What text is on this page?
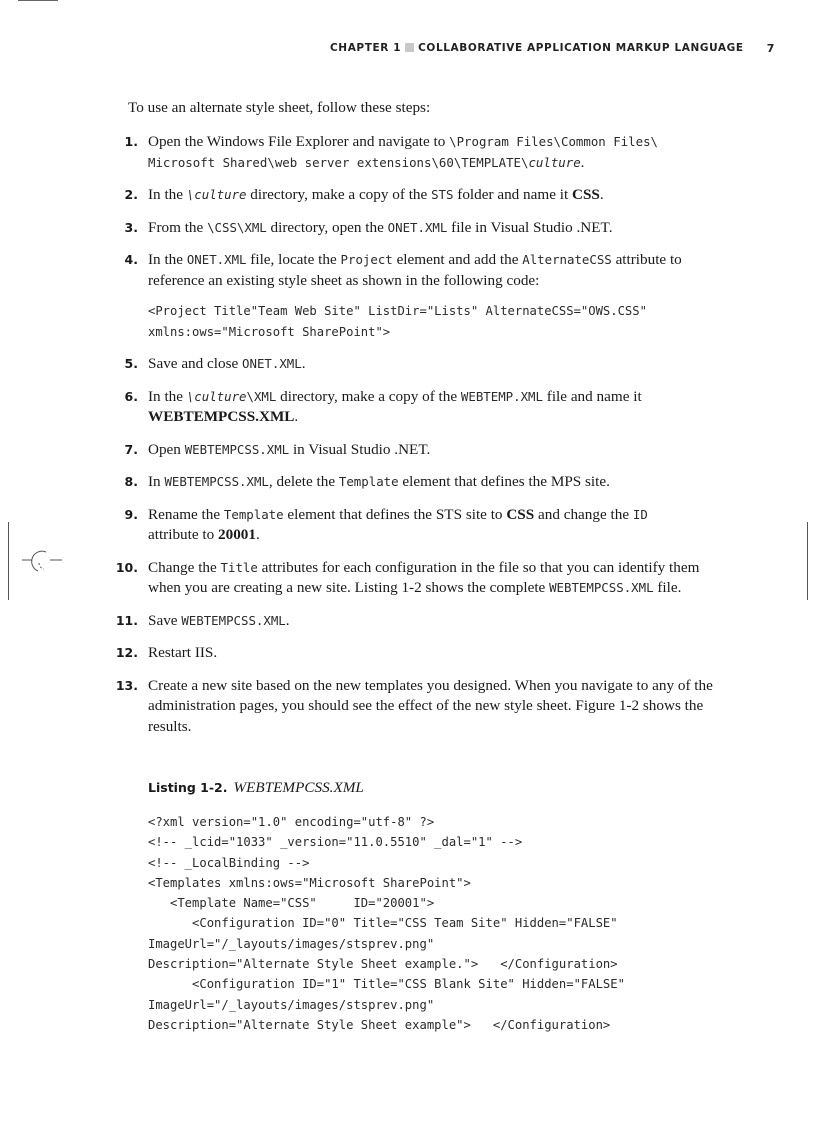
CHAPTER 1 COLLABORATIVE APPLICATION MARKUP LANGUAGE 7
To use an alternate style sheet, follow these steps:
1. Open the Windows File Explorer and navigate to \Program Files\Common Files\
Microsoft Shared\web server extensions\60\TEMPLATE\culture.
2. In the \culture directory, make a copy of the STS folder and name it CSS.
3. From the \CSS\XML directory, open the ONET.XML file in Visual Studio .NET.
4. In the ONET.XML file, locate the Project element and add the AlternateCSS attribute to reference an existing style sheet as shown in the following code:
<Project Title"Team Web Site" ListDir="Lists" AlternateCSS="OWS.CSS"
xmlns:ows="Microsoft SharePoint">
5. Save and close ONET.XML.
6. In the \culture\XML directory, make a copy of the WEBTEMP.XML file and name it
WEBTEMPCSS.XML.
7. Open WEBTEMPCSS.XML in Visual Studio .NET.
8. In WEBTEMPCSS.XML, delete the Template element that defines the MPS site.
9. Rename the Template element that defines the STS site to CSS and change the ID
attribute to 20001.
10. Change the Title attributes for each configuration in the file so that you can identify them when you are creating a new site. Listing 1-2 shows the complete WEBTEMPCSS.XML file.
11. Save WEBTEMPCSS.XML.
12. Restart IIS.
13. Create a new site based on the new templates you designed. When you navigate to any of the administration pages, you should see the effect of the new style sheet. Figure 1-2 shows the results.
Listing 1-2. WEBTEMPCSS.XML
<?xml version="1.0" encoding="utf-8" ?>
<!-- _lcid="1033" _version="11.0.5510" _dal="1" -->
<!-- _LocalBinding -->
<Templates xmlns:ows="Microsoft SharePoint">
<Template Name="CSS"     ID="20001">
<Configuration ID="0" Title="CSS Team Site" Hidden="FALSE"
ImageUrl="/_layouts/images/stsprev.png"
Description="Alternate Style Sheet example.">   </Configuration>
<Configuration ID="1" Title="CSS Blank Site" Hidden="FALSE"
ImageUrl="/_layouts/images/stsprev.png"
Description="Alternate Style Sheet example">   </Configuration>
